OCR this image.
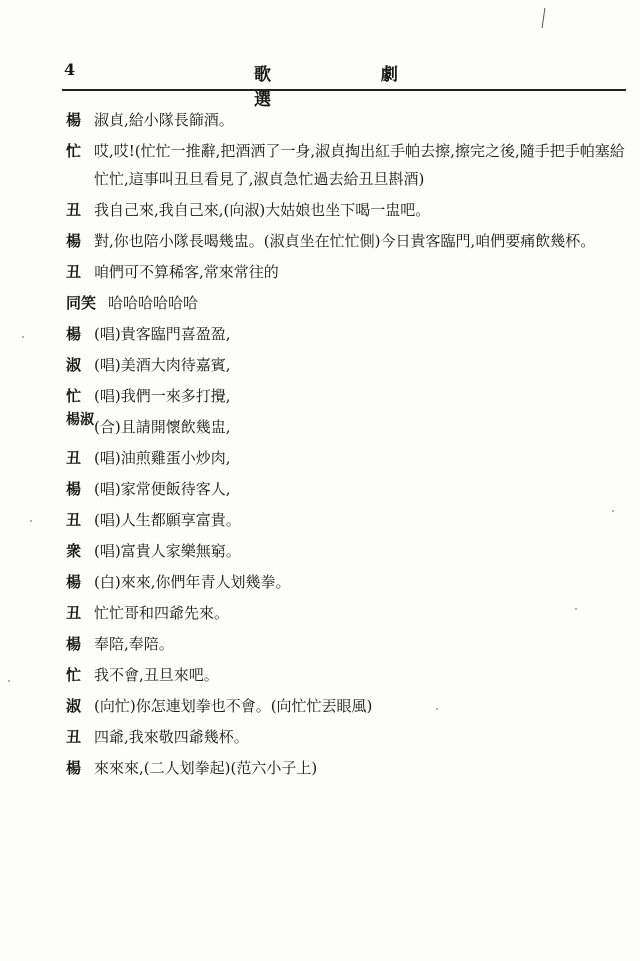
4	歌 劇 選
楊 淑貞,給小隊長篩酒。
忙 哎,哎!(忙忙一推辭,把酒洒了一身,淑貞掏出紅手帕去擦,擦完之後,隨手把手帕塞給忙忙,這事叫丑旦看見了,淑貞急忙過去給丑旦斟酒)
丑 我自己來,我自己來,(向淑)大姑娘也坐下喝一盅吧。
楊 對,你也陪小隊長喝幾盅。(淑貞坐在忙忙側)今日貴客臨門,咱們要痛飲幾杯。
丑 咱們可不算稀客,常來常往的
同笑 哈哈哈哈哈哈
楊 (唱)貴客臨門喜盈盈,
淑 (唱)美酒大肉待嘉賓,
忙 (唱)我們一來多打攪,
楊淑 (合)且請開懷飲幾盅,
丑 (唱)油煎雞蛋小炒肉,
楊 (唱)家常便飯待客人,
丑 (唱)人生都願享富貴。
衆 (唱)富貴人家樂無窮。
楊 (白)來來,你們年青人划幾拳。
丑 忙忙哥和四爺先來。
楊 奉陪,奉陪。
忙 我不會,丑旦來吧。
淑 (向忙)你怎連划拳也不會。(向忙忙丟眼風)
丑 四爺,我來敬四爺幾杯。
楊 來來來,(二人划拳起)(范六小子上)
